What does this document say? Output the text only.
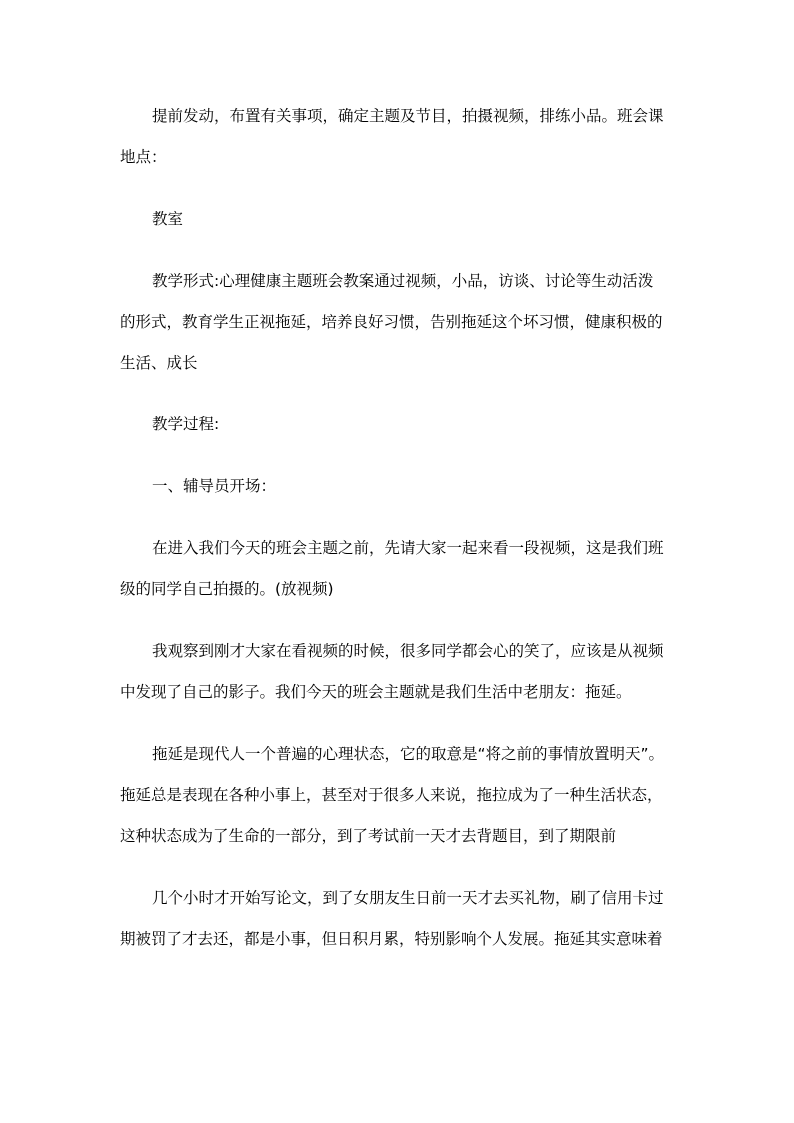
提前发动，布置有关事项，确定主题及节目，拍摄视频，排练小品。班会课
地点：

教室

教学形式:心理健康主题班会教案通过视频，小品，访谈、讨论等生动活泼
的形式，教育学生正视拖延，培养良好习惯，告别拖延这个坏习惯，健康积极的
生活、成长

教学过程:

一、辅导员开场：

在进入我们今天的班会主题之前，先请大家一起来看一段视频，这是我们班
级的同学自己拍摄的。(放视频)

我观察到刚才大家在看视频的时候，很多同学都会心的笑了，应该是从视频
中发现了自己的影子。我们今天的班会主题就是我们生活中老朋友：拖延。

拖延是现代人一个普遍的心理状态，它的取意是“将之前的事情放置明天”。
拖延总是表现在各种小事上，甚至对于很多人来说，拖拉成为了一种生活状态，
这种状态成为了生命的一部分，到了考试前一天才去背题目，到了期限前

几个小时才开始写论文，到了女朋友生日前一天才去买礼物，刷了信用卡过
期被罚了才去还，都是小事，但日积月累，特别影响个人发展。拖延其实意味着
